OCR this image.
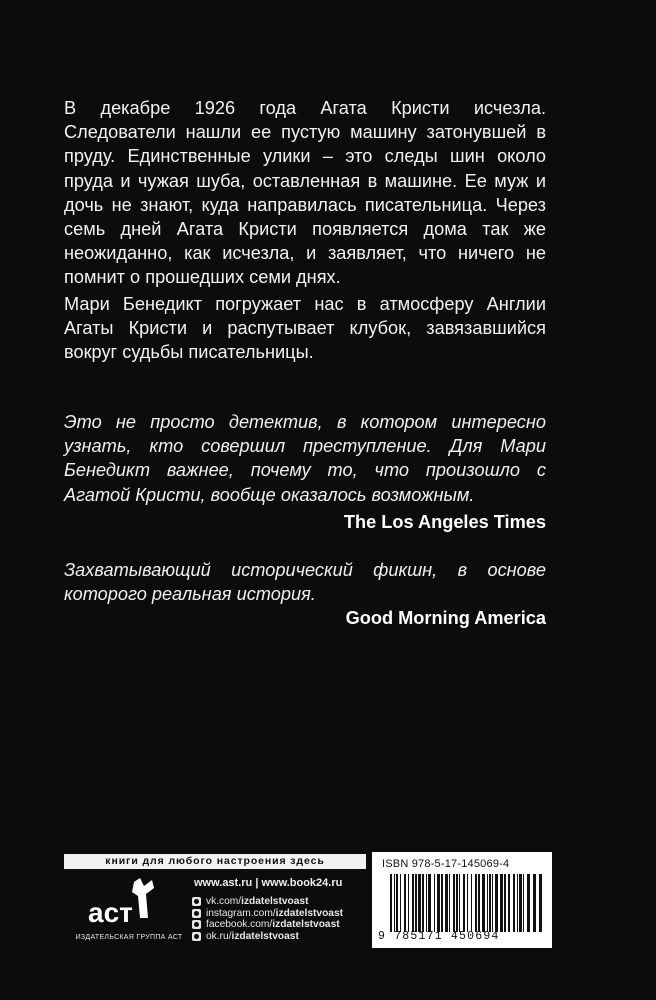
В декабре 1926 года Агата Кристи исчезла. Следователи нашли ее пустую машину затонувшей в пруду. Единственные улики – это следы шин около пруда и чужая шуба, оставленная в машине. Ее муж и дочь не знают, куда направилась писательница. Через семь дней Агата Кристи появляется дома так же неожиданно, как исчезла, и заявляет, что ничего не помнит о прошедших семи днях.

Мари Бенедикт погружает нас в атмосферу Англии Агаты Кристи и распутывает клубок, завязавшийся вокруг судьбы писательницы.

Это не просто детектив, в котором интересно узнать, кто совершил преступление. Для Мари Бенедикт важнее, почему то, что произошло с Агатой Кристи, вообще оказалось возможным.
The Los Angeles Times
Захватывающий исторический фикшн, в основе которого реальная история.
Good Morning America
книги для любого настроения здесь
аст
ИЗДАТЕЛЬСКАЯ ГРУППА АСТ
www.ast.ru | www.book24.ru
vk.com/ izdatelstvoast
instagram.com/ izdatelstvoast
facebook.com/ izdatelstvoast
ok.ru/ izdatelstvoast
ISBN 978-5-17-145069-4
9 785171 450694
